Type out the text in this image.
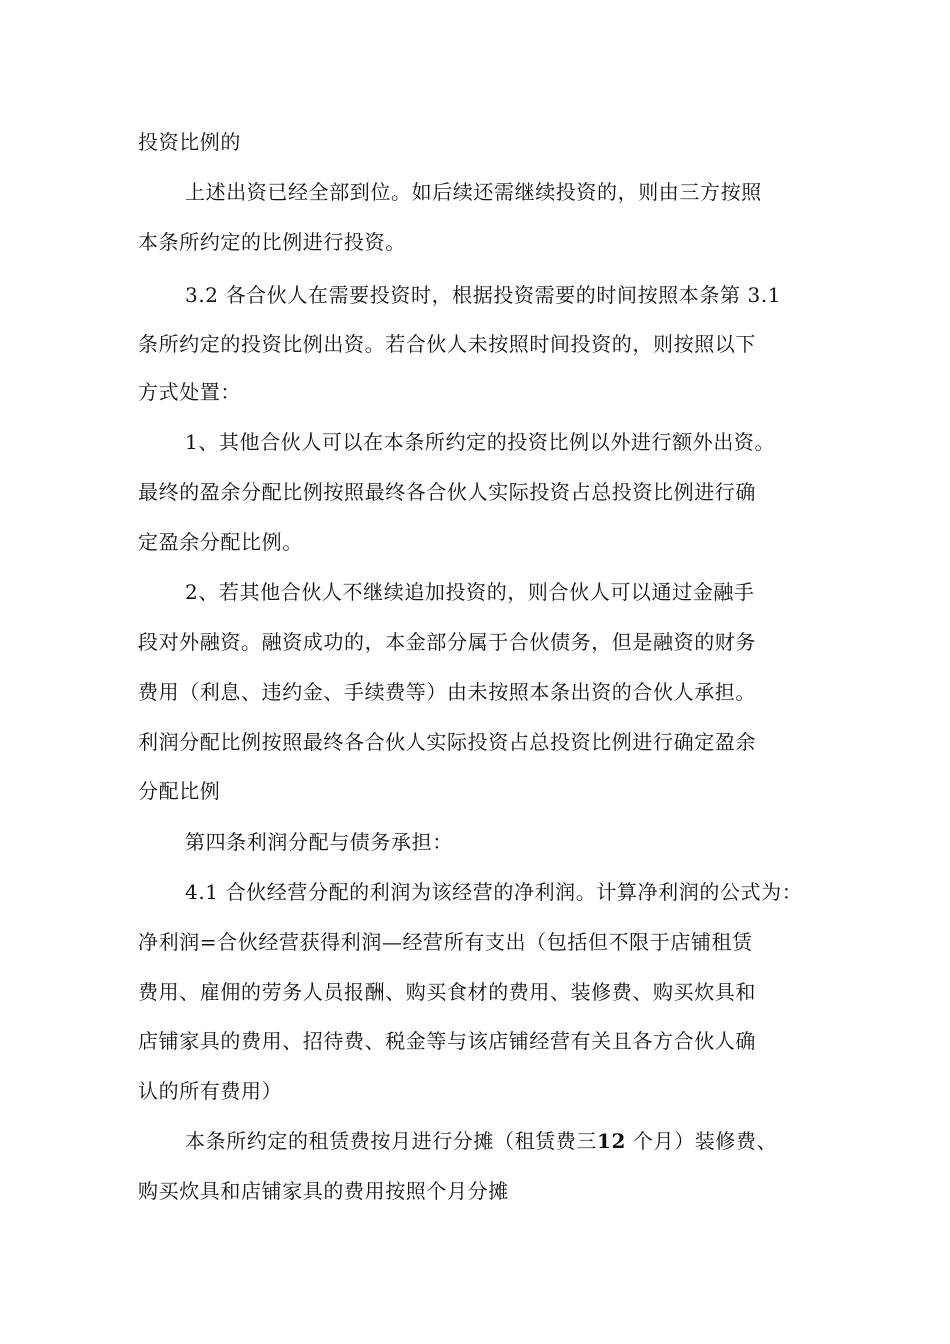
投资比例的
上述出资已经全部到位。如后续还需继续投资的，则由三方按照
本条所约定的比例进行投资。
3.2 各合伙人在需要投资时，根据投资需要的时间按照本条第 3.1
条所约定的投资比例出资。若合伙人未按照时间投资的，则按照以下
方式处置：
1、其他合伙人可以在本条所约定的投资比例以外进行额外出资。
最终的盈余分配比例按照最终各合伙人实际投资占总投资比例进行确
定盈余分配比例。
2、若其他合伙人不继续追加投资的，则合伙人可以通过金融手
段对外融资。融资成功的，本金部分属于合伙债务，但是融资的财务
费用（利息、违约金、手续费等）由未按照本条出资的合伙人承担。
利润分配比例按照最终各合伙人实际投资占总投资比例进行确定盈余
分配比例
第四条利润分配与债务承担：
4.1 合伙经营分配的利润为该经营的净利润。计算净利润的公式为：
净利润=合伙经营获得利润—经营所有支出（包括但不限于店铺租赁
费用、雇佣的劳务人员报酬、购买食材的费用、装修费、购买炊具和
店铺家具的费用、招待费、税金等与该店铺经营有关且各方合伙人确
认的所有费用）
本条所约定的租赁费按月进行分摊（租赁费三12 个月）装修费、
购买炊具和店铺家具的费用按照个月分摊
